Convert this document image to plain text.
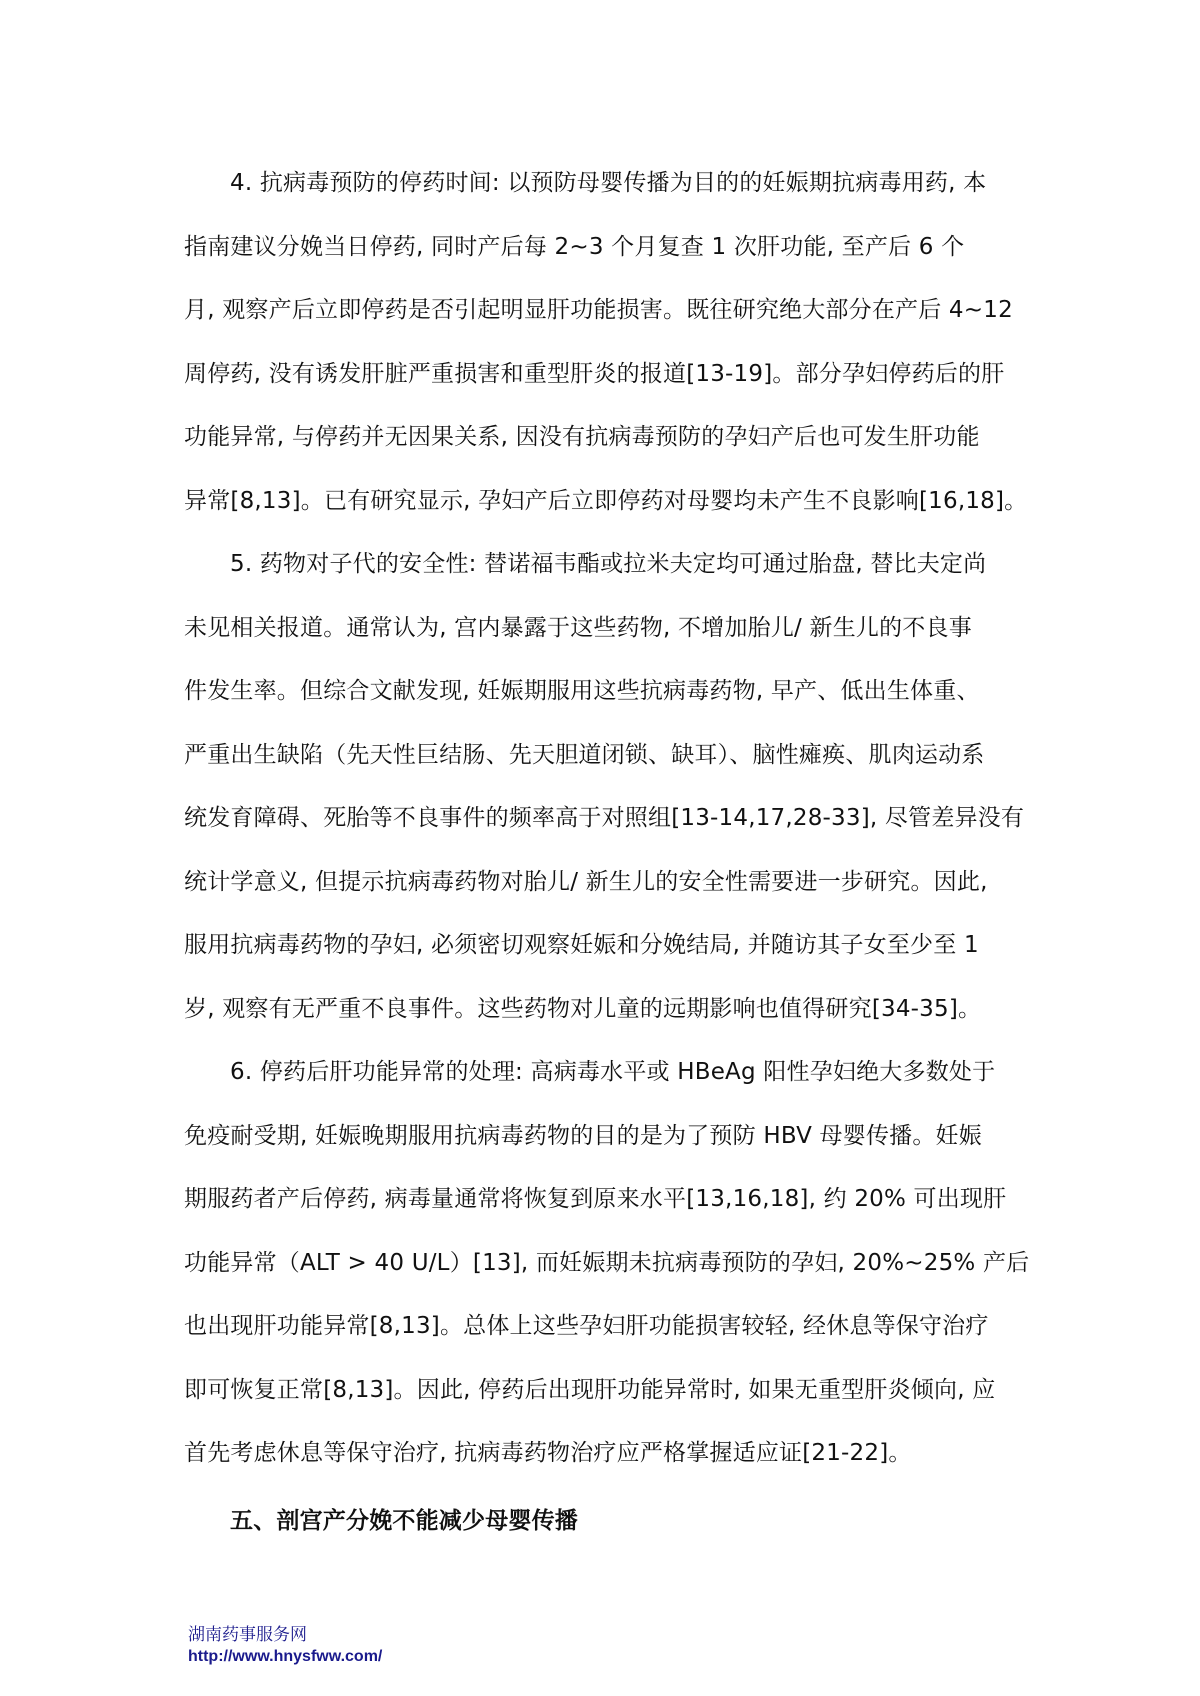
4. 抗病毒预防的停药时间: 以预防母婴传播为目的的妊娠期抗病毒用药, 本
指南建议分娩当日停药, 同时产后每 2~3 个月复查 1 次肝功能, 至产后 6 个
月, 观察产后立即停药是否引起明显肝功能损害。既往研究绝大部分在产后 4~12
周停药, 没有诱发肝脏严重损害和重型肝炎的报道[13-19]。部分孕妇停药后的肝
功能异常, 与停药并无因果关系, 因没有抗病毒预防的孕妇产后也可发生肝功能
异常[8,13]。已有研究显示, 孕妇产后立即停药对母婴均未产生不良影响[16,18]。
5. 药物对子代的安全性: 替诺福韦酯或拉米夫定均可通过胎盘, 替比夫定尚
未见相关报道。通常认为, 宫内暴露于这些药物, 不增加胎儿/ 新生儿的不良事
件发生率。但综合文献发现, 妊娠期服用这些抗病毒药物, 早产、低出生体重、
严重出生缺陷（先天性巨结肠、先天胆道闭锁、缺耳）、脑性瘫痪、肌肉运动系
统发育障碍、死胎等不良事件的频率高于对照组[13-14,17,28-33], 尽管差异没有
统计学意义, 但提示抗病毒药物对胎儿/ 新生儿的安全性需要进一步研究。因此,
服用抗病毒药物的孕妇, 必须密切观察妊娠和分娩结局, 并随访其子女至少至 1
岁, 观察有无严重不良事件。这些药物对儿童的远期影响也值得研究[34-35]。
6. 停药后肝功能异常的处理: 高病毒水平或 HBeAg 阳性孕妇绝大多数处于
免疫耐受期, 妊娠晚期服用抗病毒药物的目的是为了预防 HBV 母婴传播。妊娠
期服药者产后停药, 病毒量通常将恢复到原来水平[13,16,18], 约 20% 可出现肝
功能异常（ALT > 40 U/L）[13], 而妊娠期未抗病毒预防的孕妇, 20%~25% 产后
也出现肝功能异常[8,13]。总体上这些孕妇肝功能损害较轻, 经休息等保守治疗
即可恢复正常[8,13]。因此, 停药后出现肝功能异常时, 如果无重型肝炎倾向, 应
首先考虑休息等保守治疗, 抗病毒药物治疗应严格掌握适应证[21-22]。
五、剖宫产分娩不能减少母婴传播
湖南药事服务网
http://www.hnysfww.com/
